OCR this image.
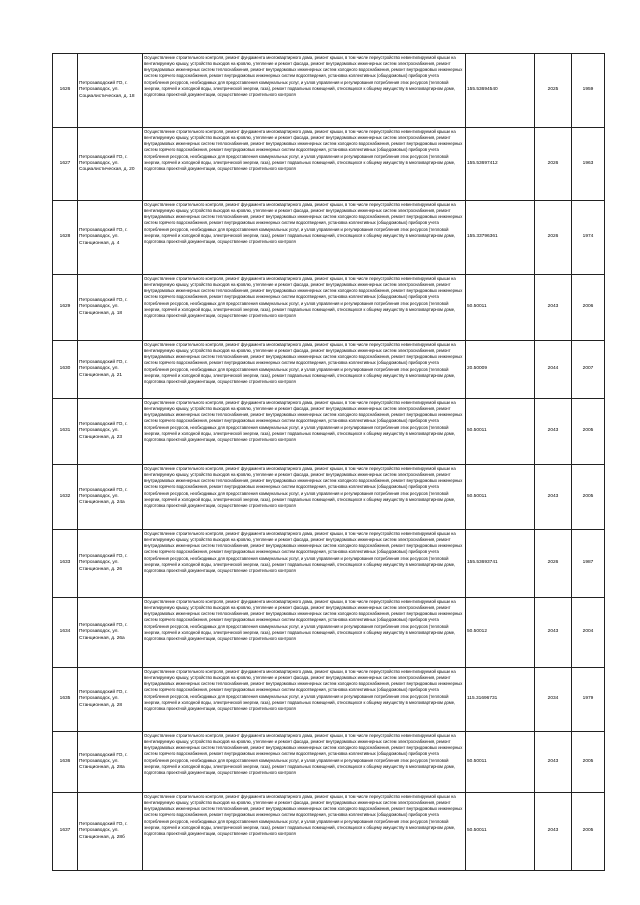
1626	Петрозаводский ГО, г. Петрозаводск, ул. Социалистическая, д. 18	Осуществление строительного контроля, ремонт фундамента многоквартирного дома, ремонт крыши, в том числе переустройство невентилируемой крыши на вентилируемую крышу, устройство выходов на кровлю, утепление и ремонт фасада, ремонт внутридомовых инженерных систем электроснабжения, ремонт внутридомовых инженерных систем теплоснабжения, ремонт внутридомовых инженерных систем холодного водоснабжения, ремонт внутридомовых инженерных систем горячего водоснабжения, ремонт внутридомовых инженерных систем водоотведения, установка коллективных (общедомовых) приборов учета потребления ресурсов, необходимых для предоставления коммунальных услуг, и узлов управления и регулирования потребления этих ресурсов (тепловой энергии, горячей и холодной воды, электрической энергии, газа), ремонт подвальных помещений, относящихся к общему имуществу в многоквартирном доме, подготовка проектной документации, осуществление строительного контроля	155.53694540	2025	1959
1627	Петрозаводский ГО, г. Петрозаводск, ул. Социалистическая, д. 20	Осуществление строительного контроля, ремонт фундамента многоквартирного дома, ремонт крыши, в том числе переустройство невентилируемой крыши на вентилируемую крышу, устройство выходов на кровлю, утепление и ремонт фасада, ремонт внутридомовых инженерных систем электроснабжения, ремонт внутридомовых инженерных систем теплоснабжения, ремонт внутридомовых инженерных систем холодного водоснабжения, ремонт внутридомовых инженерных систем горячего водоснабжения, ремонт внутридомовых инженерных систем водоотведения, установка коллективных (общедомовых) приборов учета потребления ресурсов, необходимых для предоставления коммунальных услуг, и узлов управления и регулирования потребления этих ресурсов (тепловой энергии, горячей и холодной воды, электрической энергии, газа), ремонт подвальных помещений, относящихся к общему имуществу в многоквартирном доме, подготовка проектной документации, осуществление строительного контроля	155.53697412	2026	1963
1628	Петрозаводский ГО, г. Петрозаводск, ул. Станционная, д. 4	Осуществление строительного контроля, ремонт фундамента многоквартирного дома, ремонт крыши, в том числе переустройство невентилируемой крыши на вентилируемую крышу, устройство выходов на кровлю, утепление и ремонт фасада, ремонт внутридомовых инженерных систем электроснабжения, ремонт внутридомовых инженерных систем теплоснабжения, ремонт внутридомовых инженерных систем холодного водоснабжения, ремонт внутридомовых инженерных систем горячего водоснабжения, ремонт внутридомовых инженерных систем водоотведения, установка коллективных (общедомовых) приборов учета потребления ресурсов, необходимых для предоставления коммунальных услуг, и узлов управления и регулирования потребления этих ресурсов (тепловой энергии, горячей и холодной воды, электрической энергии, газа), ремонт подвальных помещений, относящихся к общему имуществу в многоквартирном доме, подготовка проектной документации, осуществление строительного контроля	155.33796361	2026	1974
1629	Петрозаводский ГО, г. Петрозаводск, ул. Станционная, д. 18	Осуществление строительного контроля, ремонт фундамента многоквартирного дома, ремонт крыши, в том числе переустройство невентилируемой крыши на вентилируемую крышу, устройство выходов на кровлю, утепление и ремонт фасада, ремонт внутридомовых инженерных систем электроснабжения, ремонт внутридомовых инженерных систем теплоснабжения, ремонт внутридомовых инженерных систем холодного водоснабжения, ремонт внутридомовых инженерных систем горячего водоснабжения, ремонт внутридомовых инженерных систем водоотведения, установка коллективных (общедомовых) приборов учета потребления ресурсов, необходимых для предоставления коммунальных услуг, и узлов управления и регулирования потребления этих ресурсов (тепловой энергии, горячей и холодной воды, электрической энергии, газа), ремонт подвальных помещений, относящихся к общему имуществу в многоквартирном доме, подготовка проектной документации, осуществление строительного контроля	50.50011	2043	2006
1630	Петрозаводский ГО, г. Петрозаводск, ул. Станционная, д. 21	Осуществление строительного контроля, ремонт фундамента многоквартирного дома, ремонт крыши, в том числе переустройство невентилируемой крыши на вентилируемую крышу, устройство выходов на кровлю, утепление и ремонт фасада, ремонт внутридомовых инженерных систем электроснабжения, ремонт внутридомовых инженерных систем теплоснабжения, ремонт внутридомовых инженерных систем холодного водоснабжения, ремонт внутридомовых инженерных систем горячего водоснабжения, ремонт внутридомовых инженерных систем водоотведения, установка коллективных (общедомовых) приборов учета потребления ресурсов, необходимых для предоставления коммунальных услуг, и узлов управления и регулирования потребления этих ресурсов (тепловой энергии, горячей и холодной воды, электрической энергии, газа), ремонт подвальных помещений, относящихся к общему имуществу в многоквартирном доме, подготовка проектной документации, осуществление строительного контроля	20.50009	2044	2007
1631	Петрозаводский ГО, г. Петрозаводск, ул. Станционная, д. 23	Осуществление строительного контроля, ремонт фундамента многоквартирного дома, ремонт крыши, в том числе переустройство невентилируемой крыши на вентилируемую крышу, устройство выходов на кровлю, утепление и ремонт фасада, ремонт внутридомовых инженерных систем электроснабжения, ремонт внутридомовых инженерных систем теплоснабжения, ремонт внутридомовых инженерных систем холодного водоснабжения, ремонт внутридомовых инженерных систем горячего водоснабжения, ремонт внутридомовых инженерных систем водоотведения, установка коллективных (общедомовых) приборов учета потребления ресурсов, необходимых для предоставления коммунальных услуг, и узлов управления и регулирования потребления этих ресурсов (тепловой энергии, горячей и холодной воды, электрической энергии, газа), ремонт подвальных помещений, относящихся к общему имуществу в многоквартирном доме, подготовка проектной документации, осуществление строительного контроля	50.50011	2043	2005
1632	Петрозаводский ГО, г. Петрозаводск, ул. Станционная, д. 24а	Осуществление строительного контроля, ремонт фундамента многоквартирного дома, ремонт крыши, в том числе переустройство невентилируемой крыши на вентилируемую крышу, устройство выходов на кровлю, утепление и ремонт фасада, ремонт внутридомовых инженерных систем электроснабжения, ремонт внутридомовых инженерных систем теплоснабжения, ремонт внутридомовых инженерных систем холодного водоснабжения, ремонт внутридомовых инженерных систем горячего водоснабжения, ремонт внутридомовых инженерных систем водоотведения, установка коллективных (общедомовых) приборов учета потребления ресурсов, необходимых для предоставления коммунальных услуг, и узлов управления и регулирования потребления этих ресурсов (тепловой энергии, горячей и холодной воды, электрической энергии, газа), ремонт подвальных помещений, относящихся к общему имуществу в многоквартирном доме, подготовка проектной документации, осуществление строительного контроля	50.50011	2043	2005
1633	Петрозаводский ГО, г. Петрозаводск, ул. Станционная, д. 26	Осуществление строительного контроля, ремонт фундамента многоквартирного дома, ремонт крыши, в том числе переустройство невентилируемой крыши на вентилируемую крышу, устройство выходов на кровлю, утепление и ремонт фасада, ремонт внутридомовых инженерных систем электроснабжения, ремонт внутридомовых инженерных систем теплоснабжения, ремонт внутридомовых инженерных систем холодного водоснабжения, ремонт внутридомовых инженерных систем горячего водоснабжения, ремонт внутридомовых инженерных систем водоотведения, установка коллективных (общедомовых) приборов учета потребления ресурсов, необходимых для предоставления коммунальных услуг, и узлов управления и регулирования потребления этих ресурсов (тепловой энергии, горячей и холодной воды, электрической энергии, газа), ремонт подвальных помещений, относящихся к общему имуществу в многоквартирном доме, подготовка проектной документации, осуществление строительного контроля	155.53693741	2026	1987
1634	Петрозаводский ГО, г. Петрозаводск, ул. Станционная, д. 26а	Осуществление строительного контроля, ремонт фундамента многоквартирного дома, ремонт крыши, в том числе переустройство невентилируемой крыши на вентилируемую крышу, устройство выходов на кровлю, утепление и ремонт фасада, ремонт внутридомовых инженерных систем электроснабжения, ремонт внутридомовых инженерных систем теплоснабжения, ремонт внутридомовых инженерных систем холодного водоснабжения, ремонт внутридомовых инженерных систем горячего водоснабжения, ремонт внутридомовых инженерных систем водоотведения, установка коллективных (общедомовых) приборов учета потребления ресурсов, необходимых для предоставления коммунальных услуг, и узлов управления и регулирования потребления этих ресурсов (тепловой энергии, горячей и холодной воды, электрической энергии, газа), ремонт подвальных помещений, относящихся к общему имуществу в многоквартирном доме, подготовка проектной документации, осуществление строительного контроля	50.50012	2043	2004
1635	Петрозаводский ГО, г. Петрозаводск, ул. Станционная, д. 28	Осуществление строительного контроля, ремонт фундамента многоквартирного дома, ремонт крыши, в том числе переустройство невентилируемой крыши на вентилируемую крышу, устройство выходов на кровлю, утепление и ремонт фасада, ремонт внутридомовых инженерных систем электроснабжения, ремонт внутридомовых инженерных систем теплоснабжения, ремонт внутридомовых инженерных систем холодного водоснабжения, ремонт внутридомовых инженерных систем горячего водоснабжения, ремонт внутридомовых инженерных систем водоотведения, установка коллективных (общедомовых) приборов учета потребления ресурсов, необходимых для предоставления коммунальных услуг, и узлов управления и регулирования потребления этих ресурсов (тепловой энергии, горячей и холодной воды, электрической энергии, газа), ремонт подвальных помещений, относящихся к общему имуществу в многоквартирном доме, подготовка проектной документации, осуществление строительного контроля	115.31696731	2034	1979
1636	Петрозаводский ГО, г. Петрозаводск, ул. Станционная, д. 28а	Осуществление строительного контроля, ремонт фундамента многоквартирного дома, ремонт крыши, в том числе переустройство невентилируемой крыши на вентилируемую крышу, устройство выходов на кровлю, утепление и ремонт фасада, ремонт внутридомовых инженерных систем электроснабжения, ремонт внутридомовых инженерных систем теплоснабжения, ремонт внутридомовых инженерных систем холодного водоснабжения, ремонт внутридомовых инженерных систем горячего водоснабжения, ремонт внутридомовых инженерных систем водоотведения, установка коллективных (общедомовых) приборов учета потребления ресурсов, необходимых для предоставления коммунальных услуг, и узлов управления и регулирования потребления этих ресурсов (тепловой энергии, горячей и холодной воды, электрической энергии, газа), ремонт подвальных помещений, относящихся к общему имуществу в многоквартирном доме, подготовка проектной документации, осуществление строительного контроля	50.50011	2043	2005
1637	Петрозаводский ГО, г. Петрозаводск, ул. Станционная, д. 28б	Осуществление строительного контроля, ремонт фундамента многоквартирного дома, ремонт крыши, в том числе переустройство невентилируемой крыши на вентилируемую крышу, устройство выходов на кровлю, утепление и ремонт фасада, ремонт внутридомовых инженерных систем электроснабжения, ремонт внутридомовых инженерных систем теплоснабжения, ремонт внутридомовых инженерных систем холодного водоснабжения, ремонт внутридомовых инженерных систем горячего водоснабжения, ремонт внутридомовых инженерных систем водоотведения, установка коллективных (общедомовых) приборов учета потребления ресурсов, необходимых для предоставления коммунальных услуг, и узлов управления и регулирования потребления этих ресурсов (тепловой энергии, горячей и холодной воды, электрической энергии, газа), ремонт подвальных помещений, относящихся к общему имуществу в многоквартирном доме, подготовка проектной документации, осуществление строительного контроля	50.50011	2043	2005
